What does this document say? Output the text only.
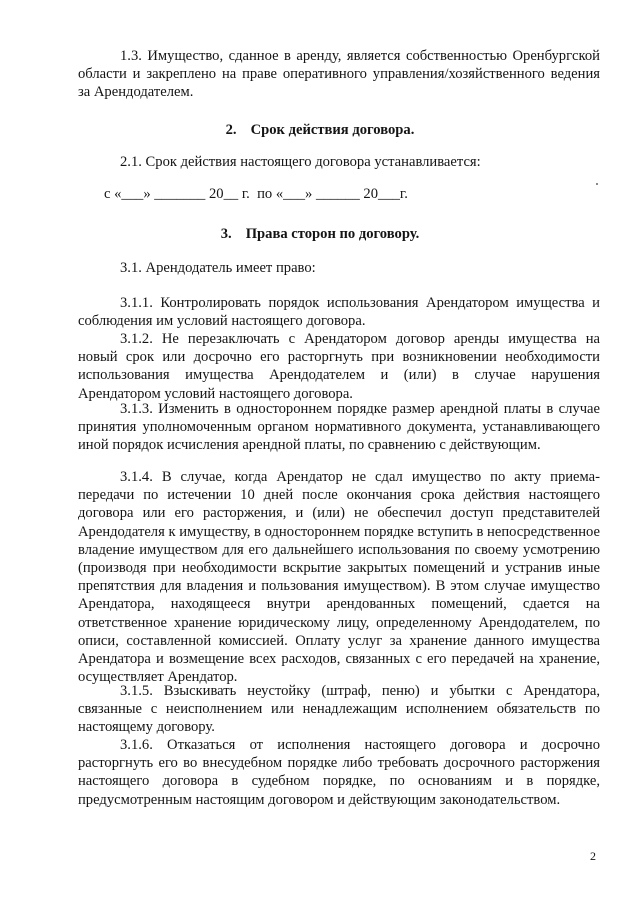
1.3. Имущество, сданное в аренду, является собственностью Оренбургской области и закреплено на праве оперативного управления/хозяйственного ведения за Арендодателем.

2. Срок действия договора.

2.1. Срок действия настоящего договора устанавливается:

с «___» _______ 20__ г.  по «___» ______ 20___г.

3. Права сторон по договору.

3.1. Арендодатель имеет право:

3.1.1. Контролировать порядок использования Арендатором имущества и соблюдения им условий настоящего договора.

3.1.2. Не перезаключать с Арендатором договор аренды имущества на новый срок или досрочно его расторгнуть при возникновении необходимости использования имущества Арендодателем и (или) в случае нарушения Арендатором условий настоящего договора.

3.1.3. Изменить в одностороннем порядке размер арендной платы в случае принятия уполномоченным органом нормативного документа, устанавливающего иной порядок исчисления арендной платы, по сравнению с действующим.

3.1.4. В случае, когда Арендатор не сдал имущество по акту приема-передачи по истечении 10 дней после окончания срока действия настоящего договора или его расторжения, и (или) не обеспечил доступ представителей Арендодателя к имуществу, в одностороннем порядке вступить в непосредственное владение имуществом для его дальнейшего использования по своему усмотрению (производя при необходимости вскрытие закрытых помещений и устранив иные препятствия для владения и пользования имуществом). В этом случае имущество Арендатора, находящееся внутри арендованных помещений, сдается на ответственное хранение юридическому лицу, определенному Арендодателем, по описи, составленной комиссией. Оплату услуг за хранение данного имущества Арендатора и возмещение всех расходов, связанных с его передачей на хранение, осуществляет Арендатор.

3.1.5. Взыскивать неустойку (штраф, пеню) и убытки с Арендатора, связанные с неисполнением или ненадлежащим исполнением обязательств по настоящему договору.

3.1.6. Отказаться от исполнения настоящего договора и досрочно расторгнуть его во внесудебном порядке либо требовать досрочного расторжения настоящего договора в судебном порядке, по основаниям и в порядке, предусмотренным настоящим договором и действующим законодательством.

2
